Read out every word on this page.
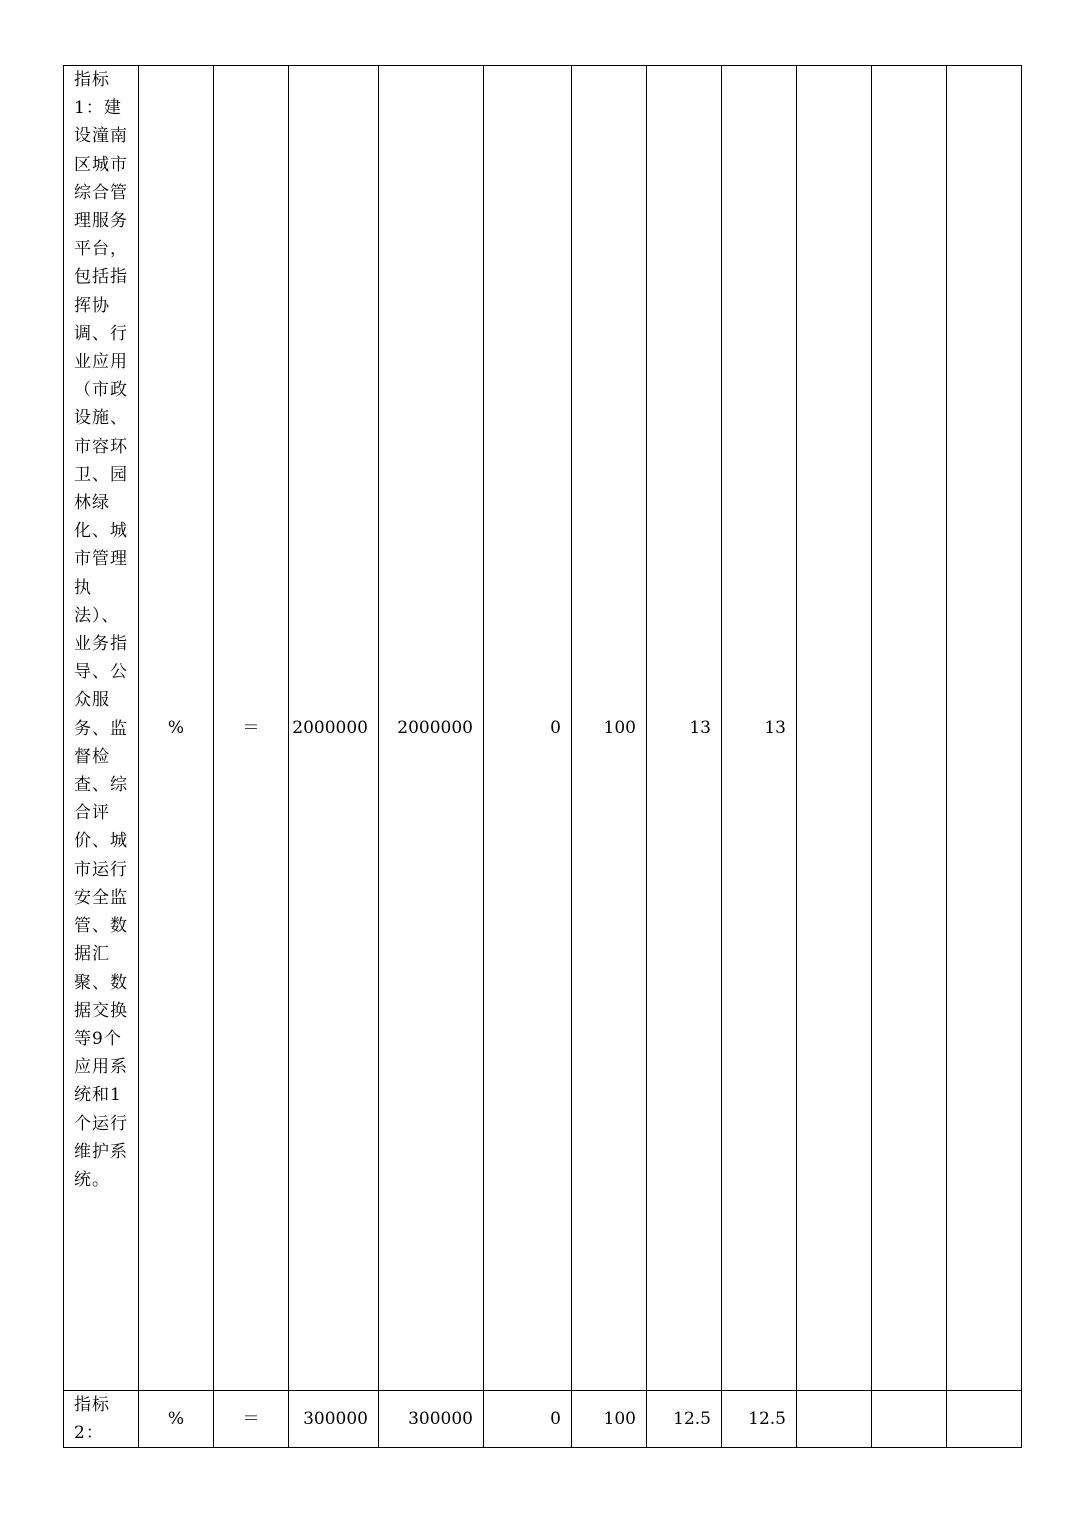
指标1：建设潼南区城市综合管理服务平台，包括指挥协调、行业应用（市政设施、市容环卫、园林绿化、城市管理执法）、业务指导、公众服务、监督检查、综合评价、城市运行安全监管、数据汇聚、数据交换等9个应用系统和1个运行维护系统。	%	＝	2000000	2000000	0	100	13	13			

指标2：	%	＝	300000	300000	0	100	12.5	12.5			
